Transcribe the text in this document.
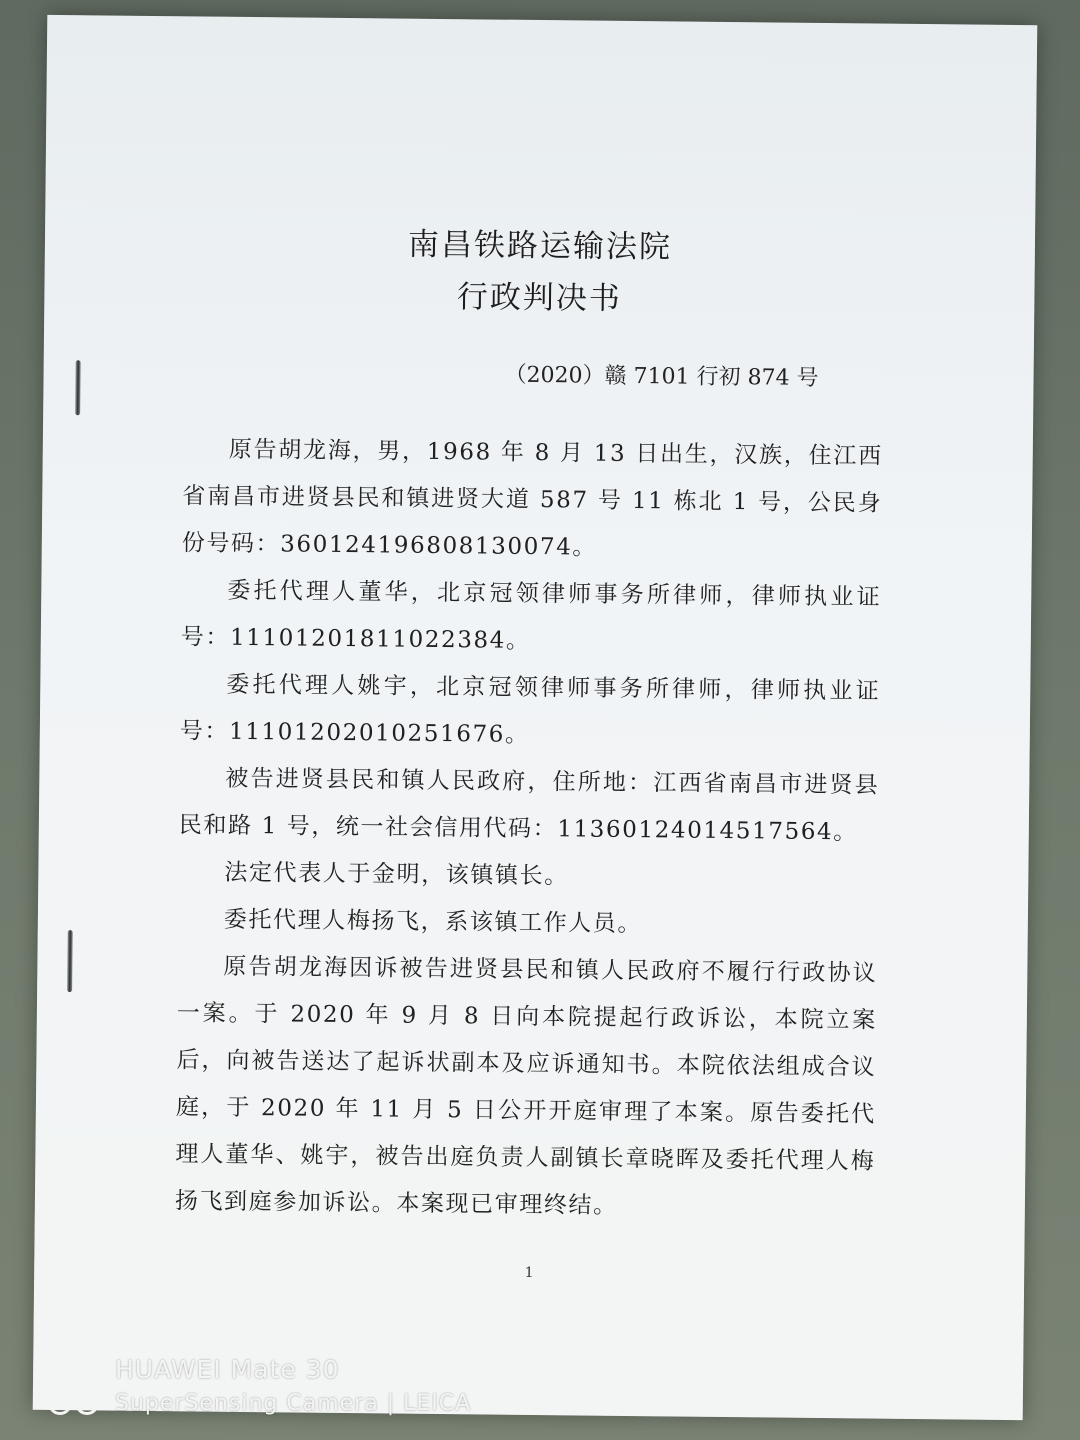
南昌铁路运输法院
行政判决书
（2020）赣 7101 行初 874 号

原告胡龙海，男，1968 年 8 月 13 日出生，汉族，住江西省南昌市进贤县民和镇进贤大道 587 号 11 栋北 1 号，公民身份号码：360124196808130074。

委托代理人董华，北京冠领律师事务所律师，律师执业证号：11101201811022384。

委托代理人姚宇，北京冠领律师事务所律师，律师执业证号：11101202010251676。

被告进贤县民和镇人民政府，住所地：江西省南昌市进贤县民和路 1 号，统一社会信用代码：11360124014517564。

法定代表人于金明，该镇镇长。

委托代理人梅扬飞，系该镇工作人员。

原告胡龙海因诉被告进贤县民和镇人民政府不履行行政协议一案。于 2020 年 9 月 8 日向本院提起行政诉讼，本院立案后，向被告送达了起诉状副本及应诉通知书。本院依法组成合议庭，于 2020 年 11 月 5 日公开开庭审理了本案。原告委托代理人董华、姚宇，被告出庭负责人副镇长章晓晖及委托代理人梅扬飞到庭参加诉讼。本案现已审理终结。

1
HUAWEI Mate 30
SuperSensing Camera | LEICA
